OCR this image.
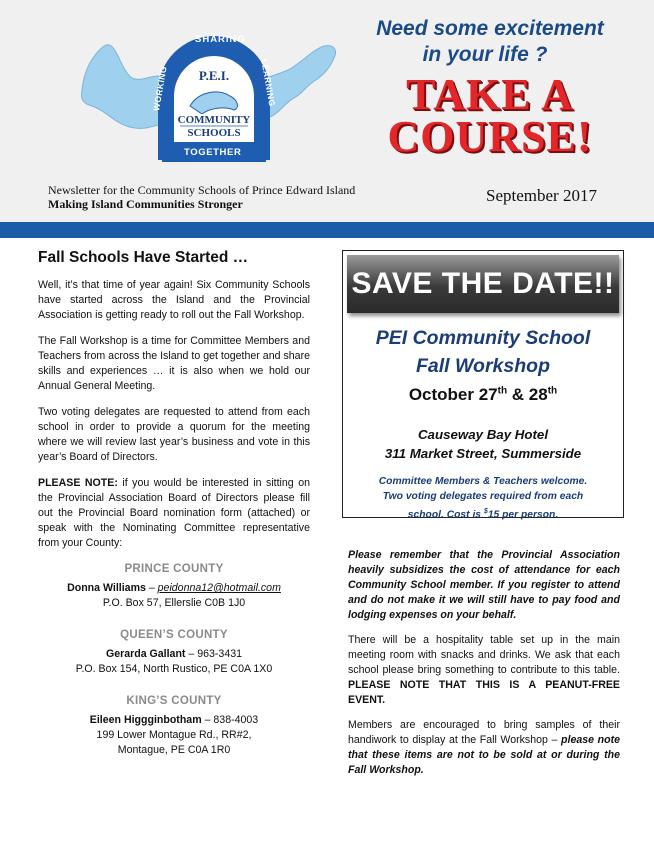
SHARING
WORKING	LEARNING
TOGETHER
P.E.I.
COMMUNITY
SCHOOLS
Need some excitement
in your life ?
TAKE A
COURSE!
Newsletter for the Community Schools of Prince Edward Island
Making Island Communities Stronger	September 2017
Fall Schools Have Started …

Well, it’s that time of year again! Six Community Schools have started across the Island and the Provincial Association is getting ready to roll out the Fall Workshop.

The Fall Workshop is a time for Committee Members and Teachers from across the Island to get together and share skills and experiences … it is also when we hold our Annual General Meeting.

Two voting delegates are requested to attend from each school in order to provide a quorum for the meeting where we will review last year’s business and vote in this year’s Board of Directors.

PLEASE NOTE: if you would be interested in sitting on the Provincial Association Board of Directors please fill out the Provincial Board nomination form (attached) or speak with the Nominating Committee representative from your County:

PRINCE COUNTY
Donna Williams – peidonna12@hotmail.com
P.O. Box 57, Ellerslie C0B 1J0
QUEEN’S COUNTY
Gerarda Gallant – 963-3431
P.O. Box 154, North Rustico, PE C0A 1X0
KING’S COUNTY
Eileen Higgginbotham – 838-4003
199 Lower Montague Rd., RR#2,
Montague, PE C0A 1R0
SAVE THE DATE!!
PEI Community School
Fall Workshop
October 27th & 28th
Causeway Bay Hotel
311 Market Street, Summerside
Committee Members & Teachers welcome.
Two voting delegates required from each
school. Cost is $15 per person.

Please remember that the Provincial Association heavily subsidizes the cost of attendance for each Community School member. If you register to attend and do not make it we will still have to pay food and lodging expenses on your behalf.

There will be a hospitality table set up in the main meeting room with snacks and drinks. We ask that each school please bring something to contribute to this table. PLEASE NOTE THAT THIS IS A PEANUT-FREE EVENT.

Members are encouraged to bring samples of their handiwork to display at the Fall Workshop – please note that these items are not to be sold at or during the Fall Workshop.
